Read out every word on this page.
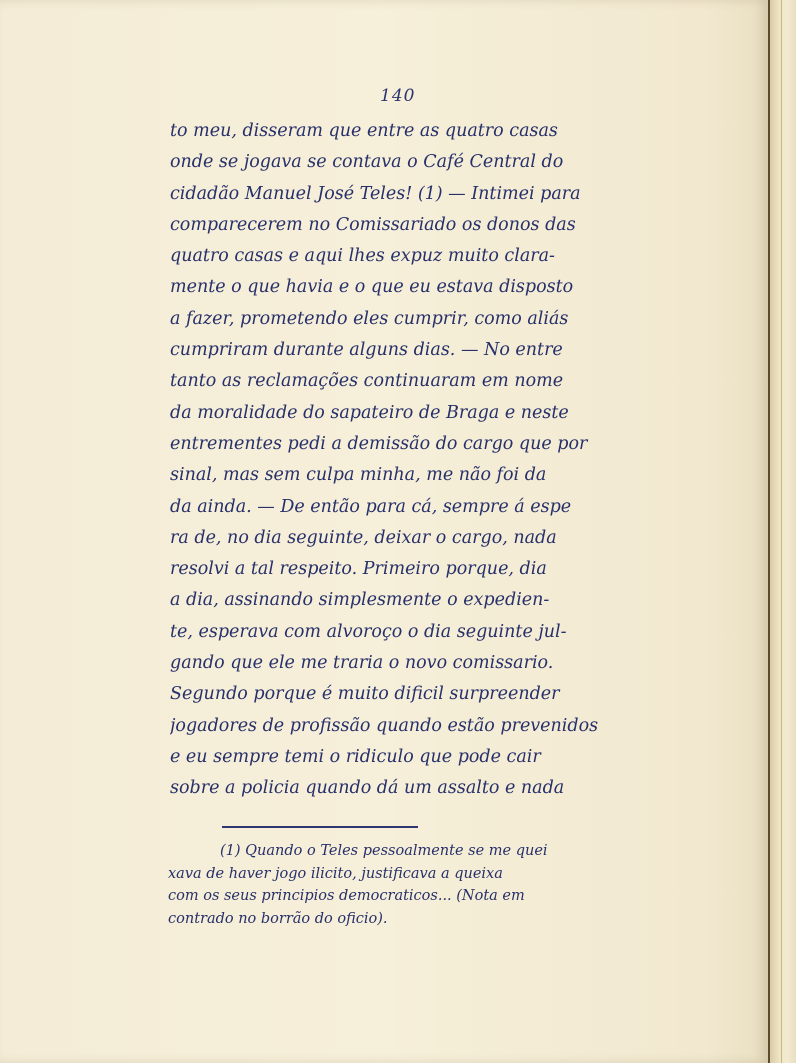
140
to meu, disseram que entre as quatro casas
onde se jogava se contava o Café Central do
cidadão Manuel José Teles! (1) — Intimei para
comparecerem no Comissariado os donos das
quatro casas e aqui lhes expuz muito clara-
mente o que havia e o que eu estava disposto
a fazer, prometendo eles cumprir, como aliás
cumpriram durante alguns dias. — No entre
tanto as reclamações continuaram em nome
da moralidade do sapateiro de Braga e neste
entrementes pedi a demissão do cargo que por
sinal, mas sem culpa minha, me não foi da
da ainda. — De então para cá, sempre á espe
ra de, no dia seguinte, deixar o cargo, nada
resolvi a tal respeito. Primeiro porque, dia
a dia, assinando simplesmente o expedien-
te, esperava com alvoroço o dia seguinte jul-
gando que ele me traria o novo comissario.
Segundo porque é muito dificil surpreender
jogadores de profissão quando estão prevenidos
e eu sempre temi o ridiculo que pode cair
sobre a policia quando dá um assalto e nada
(1) Quando o Teles pessoalmente se me quei
xava de haver jogo ilicito, justificava a queixa
com os seus principios democraticos... (Nota em
contrado no borrão do oficio).
